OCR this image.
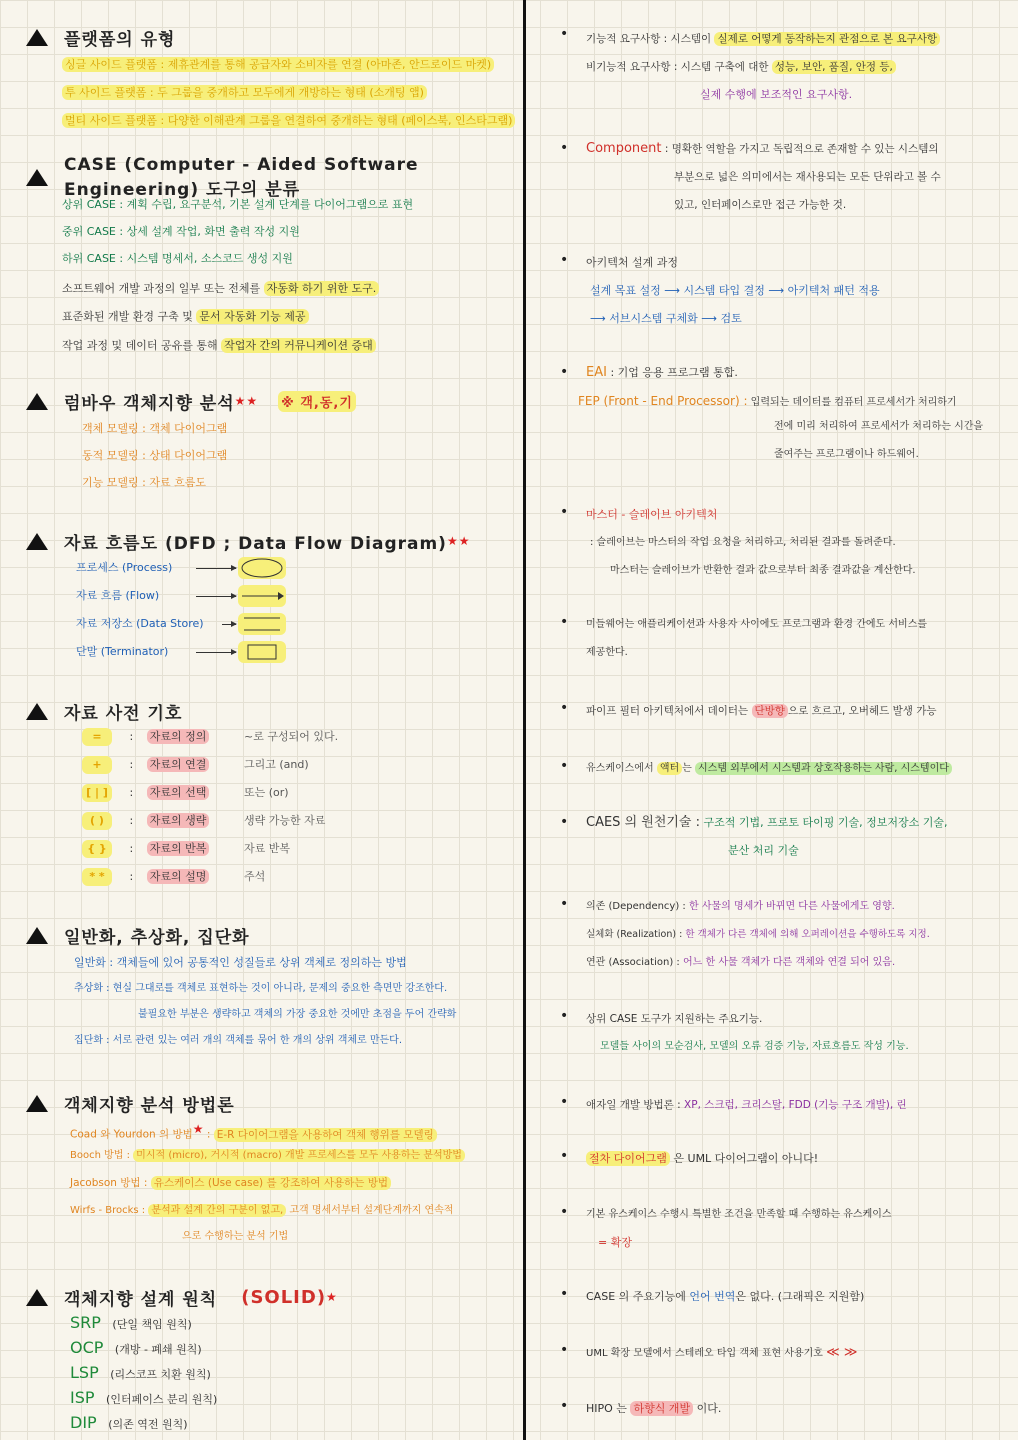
플랫폼의 유형
싱글 사이드 플랫폼 : 제휴관계를 통해 공급자와 소비자를 연결 (아마존, 안드로이드 마켓)
투 사이드 플랫폼 : 두 그룹을 중개하고 모두에게 개방하는 형태 (소개팅 앱)
멀티 사이드 플랫폼 : 다양한 이해관계 그룹을 연결하여 중개하는 형태 (페이스북, 인스타그램)
CASE (Computer - Aided Software Engineering) 도구의 분류
상위 CASE : 계획 수립, 요구분석, 기본 설계 단계를 다이어그램으로 표현
중위 CASE : 상세 설계 작업, 화면 출력 작성 지원
하위 CASE : 시스템 명세서, 소스코드 생성 지원
소프트웨어 개발 과정의 일부 또는 전체를 자동화 하기 위한 도구.
표준화된 개발 환경 구축 및 문서 자동화 기능 제공
작업 과정 및 데이터 공유를 통해 작업자 간의 커뮤니케이션 증대
럼바우 객체지향 분석 ★★ ※ 객,동,기
객체 모델링 : 객체 다이어그램
동적 모델링 : 상태 다이어그램
기능 모델링 : 자료 흐름도
자료 흐름도 (DFD ; Data Flow Diagram) ★★
프로세스 (Process)
자료 흐름 (Flow)
자료 저장소 (Data Store)
단말 (Terminator)
자료 사전 기호
=	: 자료의 정의	~로 구성되어 있다.
+	: 자료의 연결	그리고 (and)
[ | ] : 자료의 선택	또는 (or)
( ) : 자료의 생략	생략 가능한 자료
{ } : 자료의 반복	자료 반복
* * : 자료의 설명	주석
일반화, 추상화, 집단화
일반화 : 객체들에 있어 공통적인 성질들로 상위 객체로 정의하는 방법
추상화 : 현실 그대로를 객체로 표현하는 것이 아니라, 문제의 중요한 측면만 강조한다.
불필요한 부분은 생략하고 객체의 가장 중요한 것에만 초점을 두어 간략화
집단화 : 서로 관련 있는 여러 개의 객체를 묶어 한 개의 상위 객체로 만든다.
객체지향 분석 방법론
Coad 와 Yourdon 의 방법★ : E-R 다이어그램을 사용하여 객체 행위를 모델링
Booch 방법 : 미시적 (micro), 거시적 (macro) 개발 프로세스를 모두 사용하는 분석방법
Jacobson 방법 : 유스케이스 (Use case) 를 강조하여 사용하는 방법
Wirfs - Brocks : 분석과 설계 간의 구분이 없고, 고객 명세서부터 설계단계까지 연속적
으로 수행하는 분석 기법
객체지향 설계 원칙 (SOLID) ★
SRP (단일 책임 원칙)
OCP (개방 - 폐쇄 원칙)
LSP (리스코프 치환 원칙)
ISP (인터페이스 분리 원칙)
DIP (의존 역전 원칙)
• 기능적 요구사항 : 시스템이 실제로 어떻게 동작하는지 관점으로 본 요구사항
비기능적 요구사항 : 시스템 구축에 대한 성능, 보안, 품질, 안정 등,
실제 수행에 보조적인 요구사항.
• Component : 명확한 역할을 가지고 독립적으로 존재할 수 있는 시스템의
부분으로 넓은 의미에서는 재사용되는 모든 단위라고 볼 수
있고, 인터페이스로만 접근 가능한 것.
• 아키텍처 설계 과정
설계 목표 설정 ⟶ 시스템 타입 결정 ⟶ 아키텍처 패턴 적용
⟶ 서브시스템 구체화 ⟶ 검토
• EAI : 기업 응용 프로그램 통합.
FEP (Front - End Processor) : 입력되는 데이터를 컴퓨터 프로세서가 처리하기
전에 미리 처리하여 프로세서가 처리하는 시간을
줄여주는 프로그램이나 하드웨어.
• 마스터 - 슬레이브 아키텍처
: 슬레이브는 마스터의 작업 요청을 처리하고, 처리된 결과를 돌려준다.
마스터는 슬레이브가 반환한 결과 값으로부터 최종 결과값을 계산한다.
• 미들웨어는 애플리케이션과 사용자 사이에도 프로그램과 환경 간에도 서비스를
제공한다.
• 파이프 필터 아키텍처에서 데이터는 단방향 으로 흐르고, 오버헤드 발생 가능
• 유스케이스에서 액터 는 시스템 외부에서 시스템과 상호작용하는 사람, 시스템이다
• CAES 의 원천기술 : 구조적 기법, 프로토 타이핑 기술, 정보저장소 기술,
분산 처리 기술
• 의존 (Dependency) : 한 사물의 명세가 바뀌면 다른 사물에게도 영향.
실체화 (Realization) : 한 객체가 다른 객체에 의해 오퍼레이션을 수행하도록 지정.
연관 (Association) : 어느 한 사물 객체가 다른 객체와 연결 되어 있음.
• 상위 CASE 도구가 지원하는 주요기능.
모델들 사이의 모순검사, 모델의 오류 검증 기능, 자료흐름도 작성 기능.
• 애자일 개발 방법론 : XP, 스크럼, 크리스탈, FDD (기능 구조 개발), 린
• 절차 다이어그램 은 UML 다이어그램이 아니다!
• 기본 유스케이스 수행시 특별한 조건을 만족할 때 수행하는 유스케이스
= 확장
• CASE 의 주요기능에 언어 번역은 없다. (그래픽은 지원함)
• UML 확장 모델에서 스테레오 타입 객체 표현 사용기호 ≪ ≫
• HIPO 는 하향식 개발 이다.
